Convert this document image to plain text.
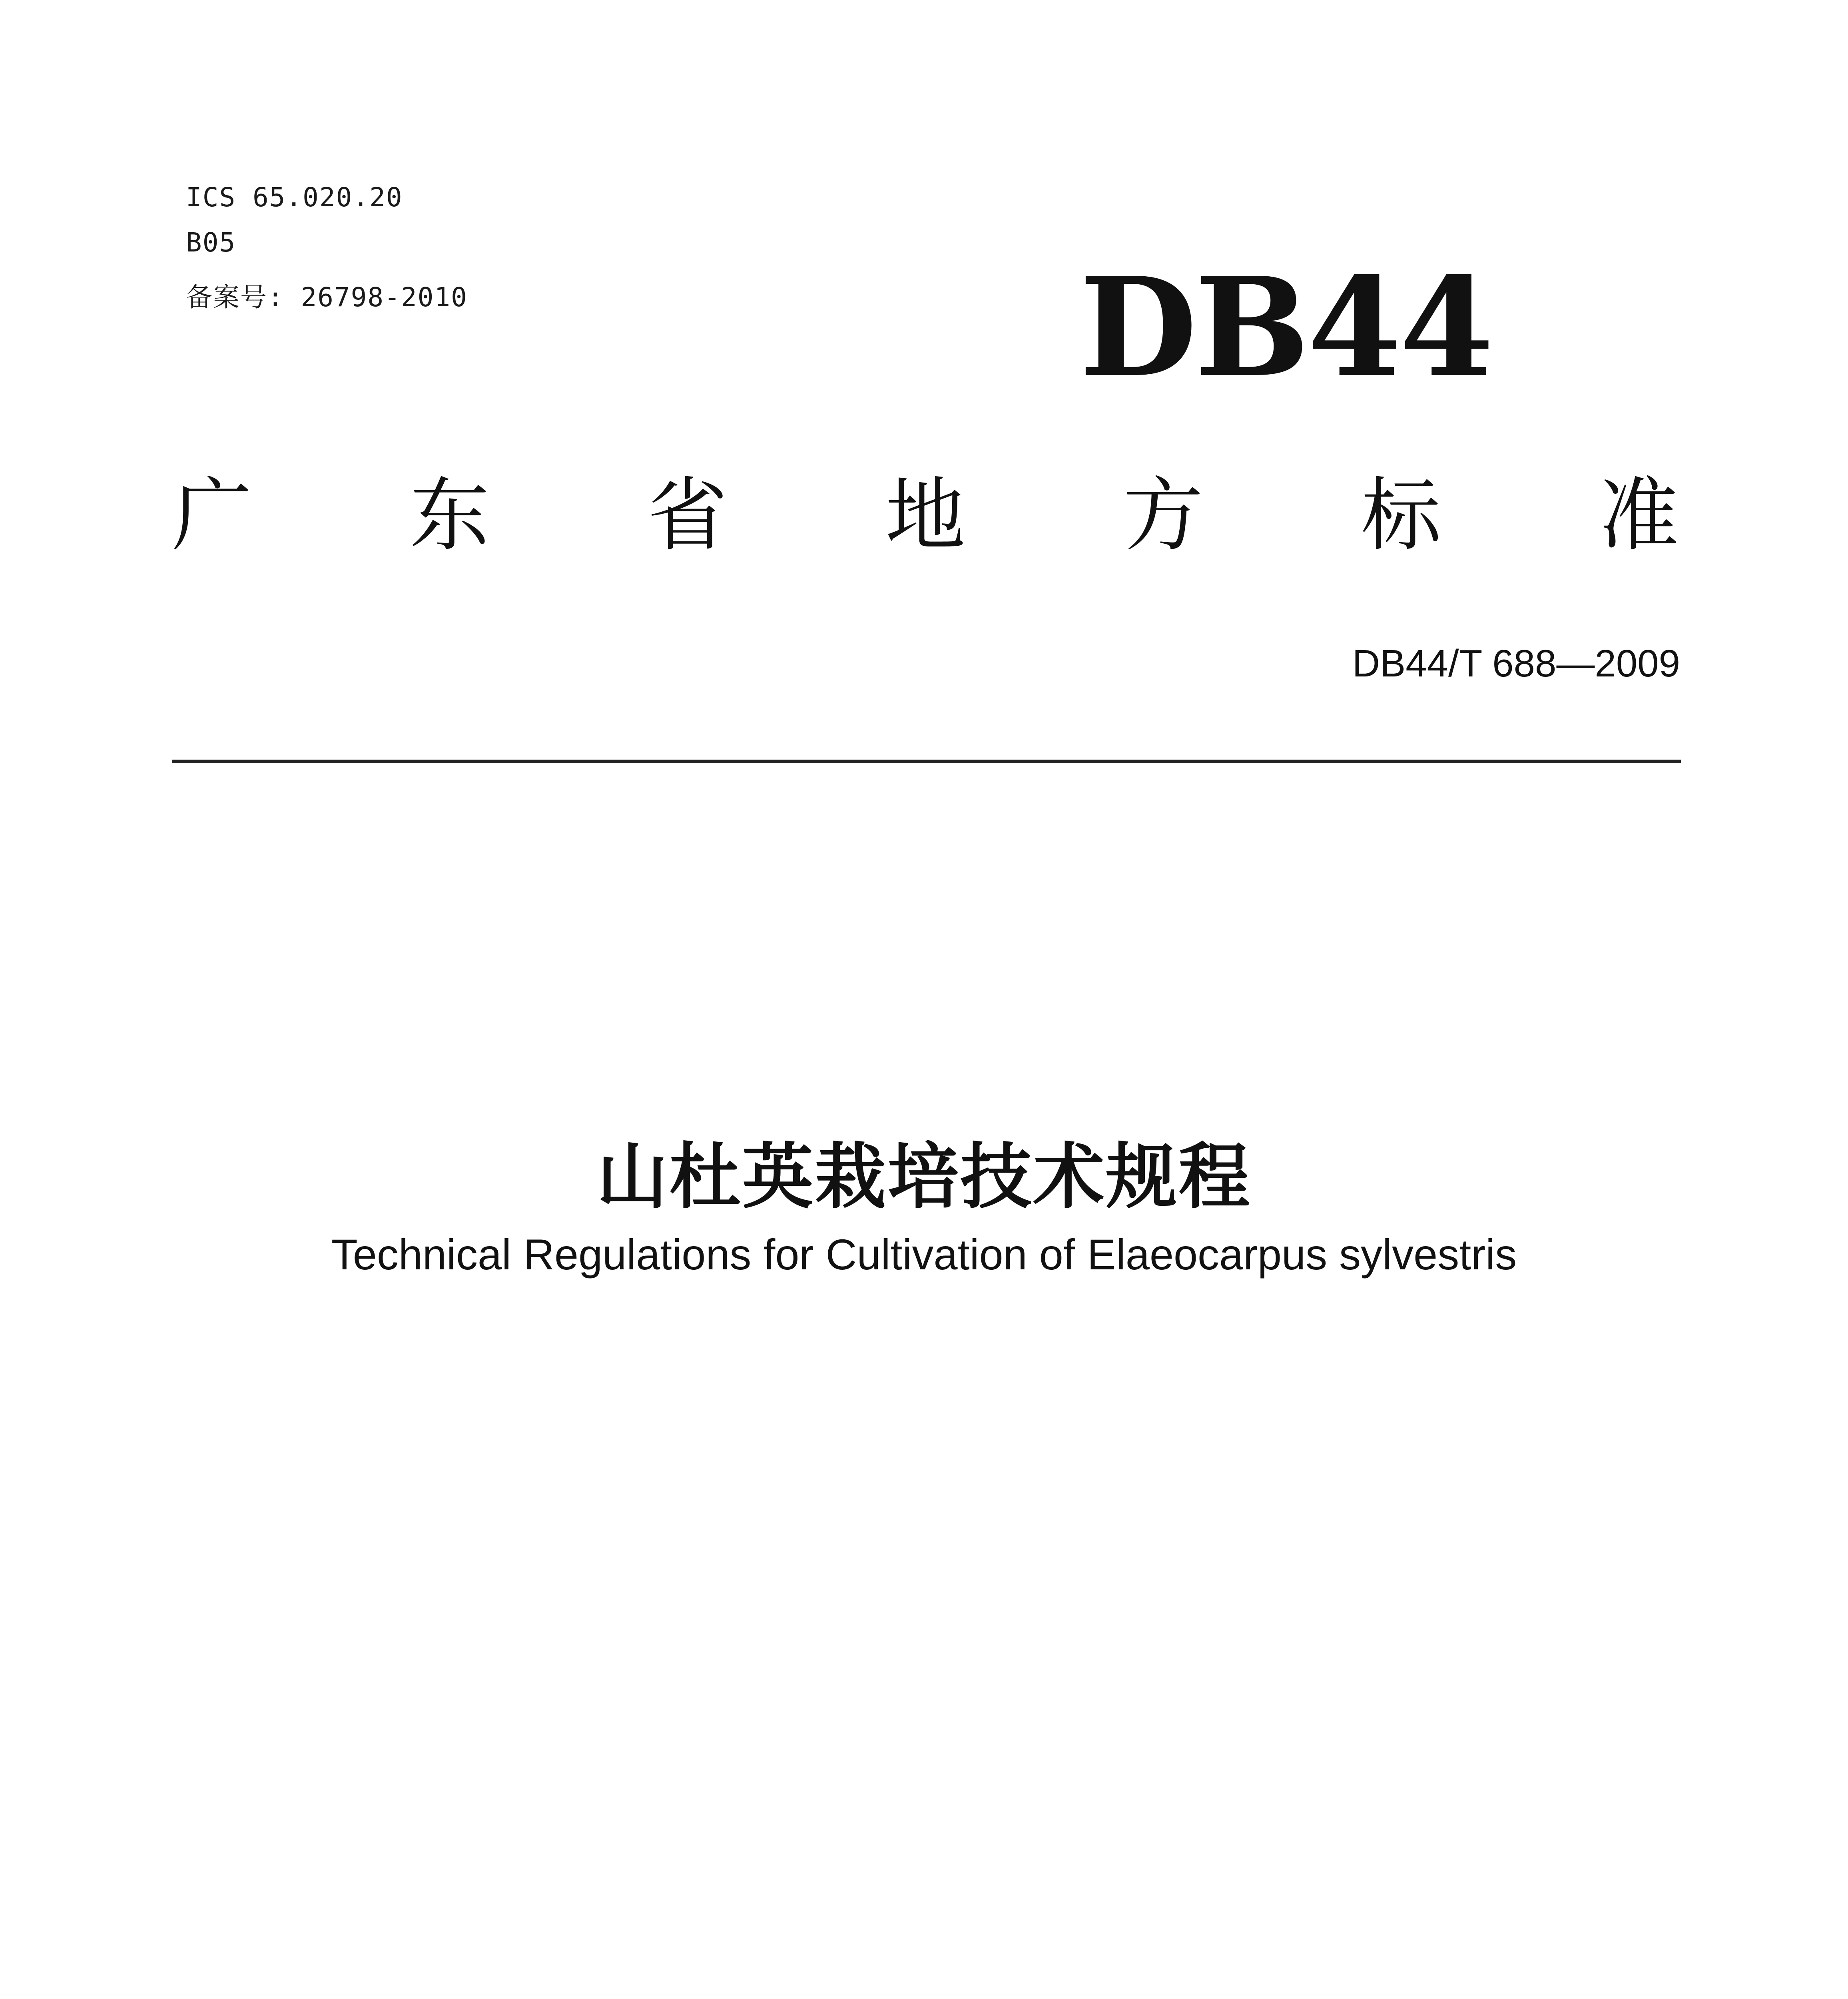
ICS 65.020.20
B05
备案号: 26798-2010	DB44
广 东 省 地 方 标 准
DB44/T 688—2009
山杜英栽培技术规程
Technical Regulations for Cultivation of Elaeocarpus sylvestris
